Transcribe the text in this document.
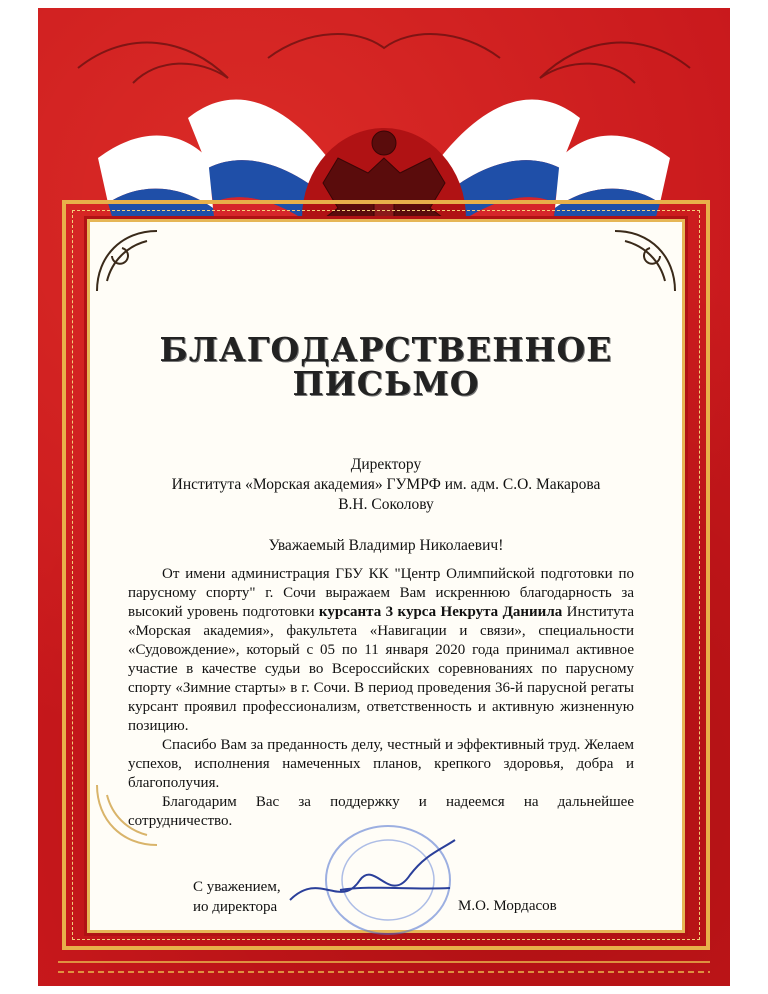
БЛАГОДАРСТВЕННОЕ
ПИСЬМО
Директору
Института «Морская академия» ГУМРФ им. адм. С.О. Макарова
В.Н. Соколову
Уважаемый Владимир Николаевич!

От имени администрация ГБУ КК "Центр Олимпийской подготовки по парусному спорту" г. Сочи выражаем Вам искреннюю благодарность за высокий уровень подготовки курсанта 3 курса Некрута Даниила Института «Морская академия», факультета «Навигации и связи», специальности «Судовождение», который с 05 по 11 января 2020 года принимал активное участие в качестве судьи во Всероссийских соревнованиях по парусному спорту «Зимние старты» в г. Сочи. В период проведения 36-й парусной регаты курсант проявил профессионализм, ответственность и активную жизненную позицию.

Спасибо Вам за преданность делу, честный и эффективный труд. Желаем успехов, исполнения намеченных планов, крепкого здоровья, добра и благополучия.

Благодарим Вас за поддержку и надеемся на дальнейшее сотрудничество.

С уважением,
ио директора	М.О. Мордасов
